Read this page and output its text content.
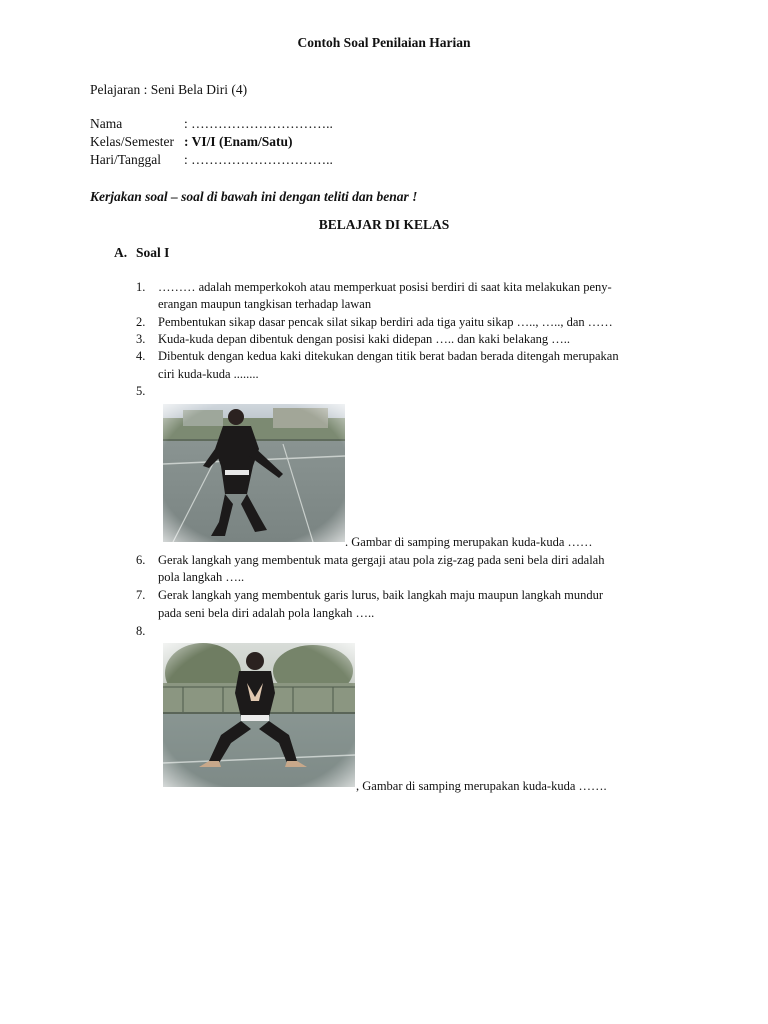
Contoh Soal Penilaian Harian
Pelajaran : Seni Bela Diri (4)
Nama	: …………………………..
Kelas/Semester : VI/I (Enam/Satu)
Hari/Tanggal : …………………………..
Kerjakan soal – soal di bawah ini dengan teliti dan benar !
BELAJAR DI KELAS
A. Soal I
1. ……… adalah memperkokoh atau memperkuat posisi berdiri di saat kita melakukan peny-
erangan maupun tangkisan terhadap lawan
2. Pembentukan sikap dasar pencak silat sikap berdiri ada tiga yaitu sikap ….., ….., dan ……
3. Kuda-kuda depan dibentuk dengan posisi kaki didepan ….. dan kaki belakang …..
4. Dibentuk dengan kedua kaki ditekukan dengan titik berat badan berada ditengah merupakan
ciri kuda-kuda ........
5.
. Gambar di samping merupakan kuda-kuda ……
6. Gerak langkah yang membentuk mata gergaji atau pola zig-zag pada seni bela diri adalah
pola langkah …..
7. Gerak langkah yang membentuk garis lurus, baik langkah maju maupun langkah mundur
pada seni bela diri adalah pola langkah …..
8.
, Gambar di samping merupakan kuda-kuda …….
